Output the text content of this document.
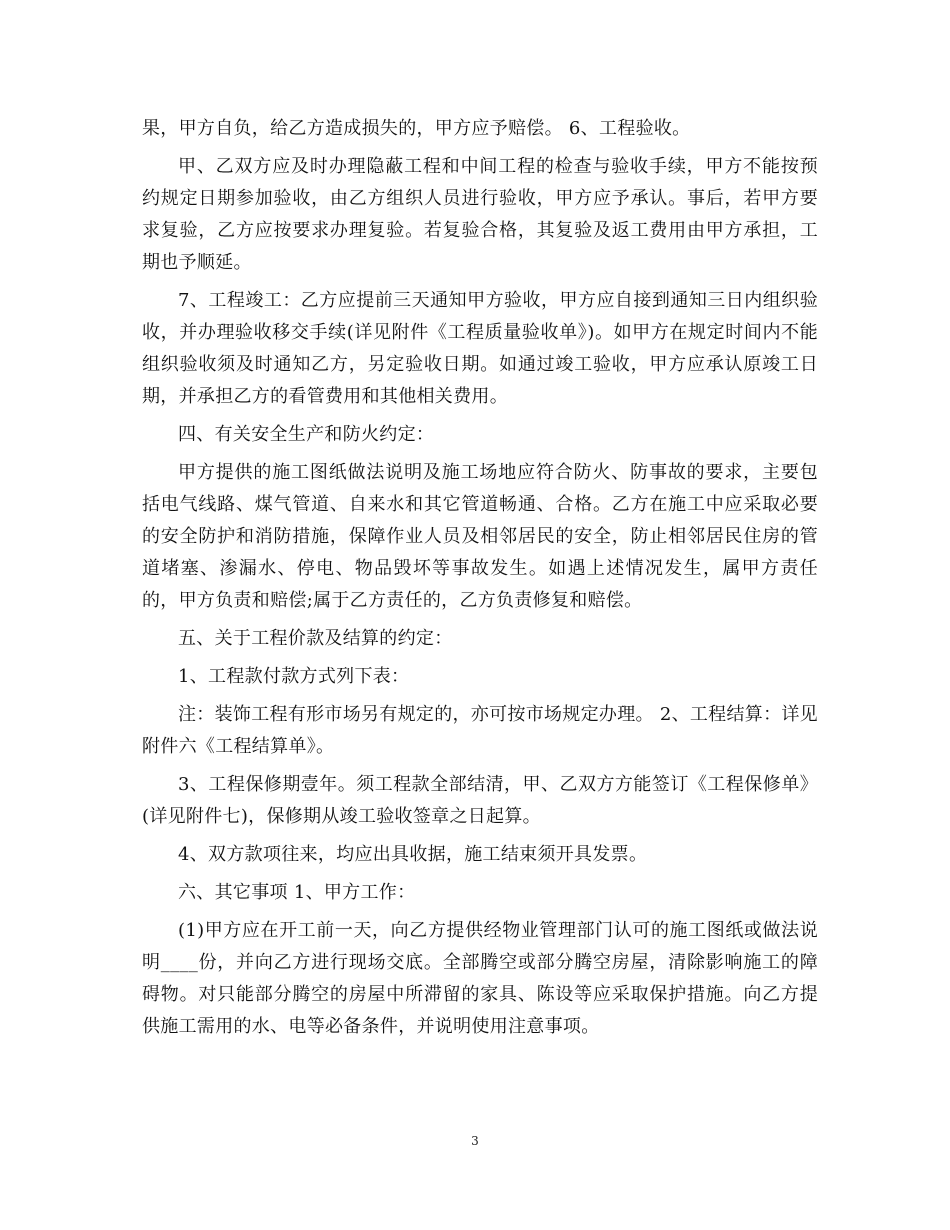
果，甲方自负，给乙方造成损失的，甲方应予赔偿。 6、工程验收。

甲、乙双方应及时办理隐蔽工程和中间工程的检查与验收手续，甲方不能按预约规定日期参加验收，由乙方组织人员进行验收，甲方应予承认。事后，若甲方要求复验，乙方应按要求办理复验。若复验合格，其复验及返工费用由甲方承担，工期也予顺延。

7、工程竣工：乙方应提前三天通知甲方验收，甲方应自接到通知三日内组织验收，并办理验收移交手续(详见附件《工程质量验收单》)。如甲方在规定时间内不能组织验收须及时通知乙方，另定验收日期。如通过竣工验收，甲方应承认原竣工日期，并承担乙方的看管费用和其他相关费用。

四、有关安全生产和防火约定：

甲方提供的施工图纸做法说明及施工场地应符合防火、防事故的要求，主要包括电气线路、煤气管道、自来水和其它管道畅通、合格。乙方在施工中应采取必要的安全防护和消防措施，保障作业人员及相邻居民的安全，防止相邻居民住房的管道堵塞、渗漏水、停电、物品毁坏等事故发生。如遇上述情况发生，属甲方责任的，甲方负责和赔偿;属于乙方责任的，乙方负责修复和赔偿。

五、关于工程价款及结算的约定：

1、工程款付款方式列下表：

注：装饰工程有形市场另有规定的，亦可按市场规定办理。 2、工程结算：详见附件六《工程结算单》。

3、工程保修期壹年。须工程款全部结清，甲、乙双方方能签订《工程保修单》(详见附件七)，保修期从竣工验收签章之日起算。

4、双方款项往来，均应出具收据，施工结束须开具发票。

六、其它事项 1、甲方工作：

(1)甲方应在开工前一天，向乙方提供经物业管理部门认可的施工图纸或做法说明____份，并向乙方进行现场交底。全部腾空或部分腾空房屋，清除影响施工的障碍物。对只能部分腾空的房屋中所滞留的家具、陈设等应采取保护措施。向乙方提供施工需用的水、电等必备条件，并说明使用注意事项。

3
